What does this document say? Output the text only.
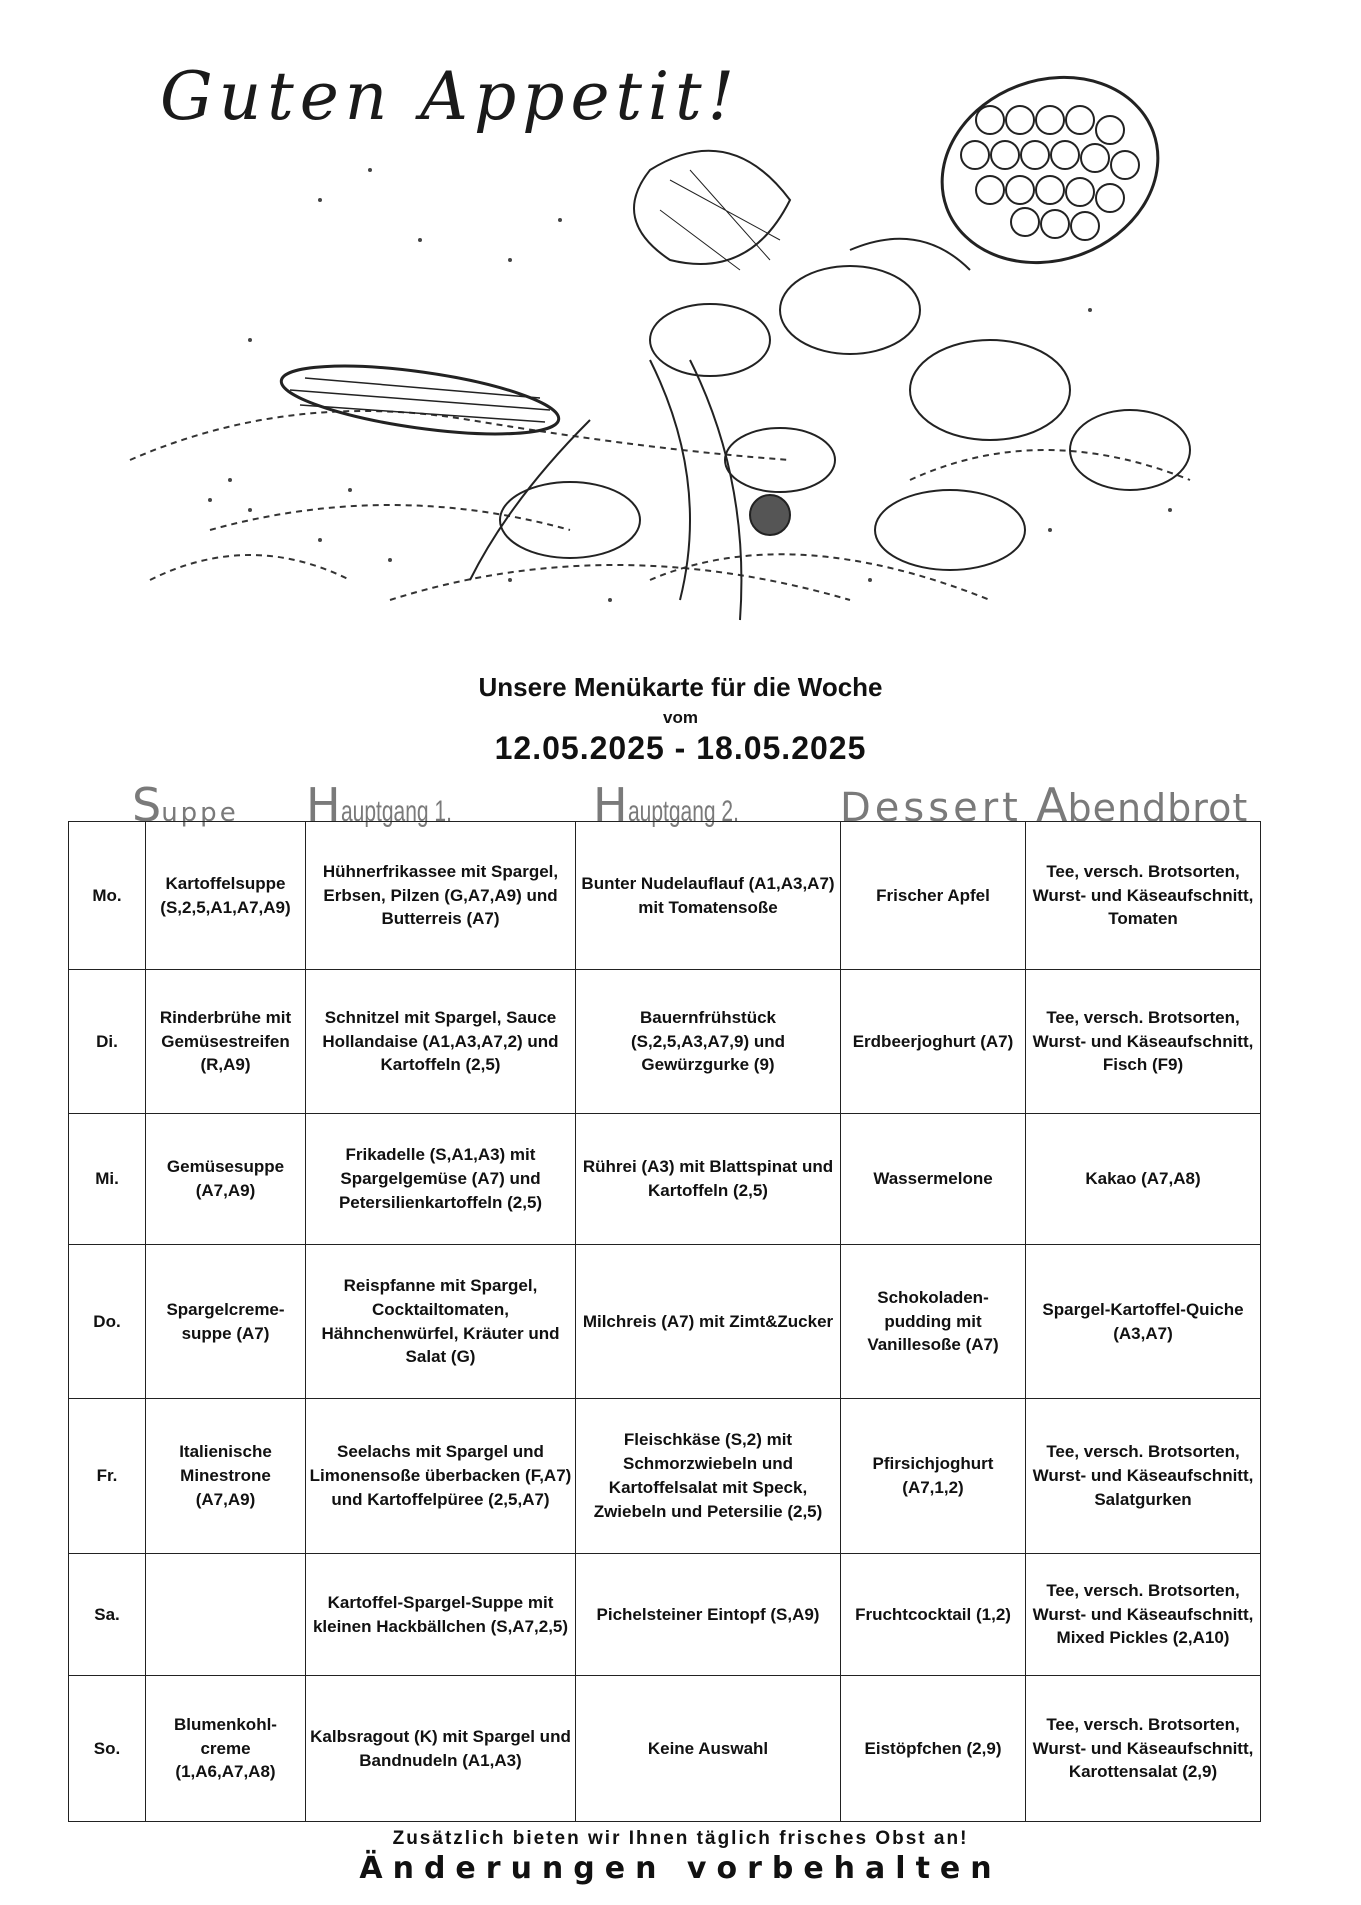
Guten Appetit!
Unsere Menükarte für die Woche
vom
12.05.2025 - 18.05.2025
Suppe Hauptgang 1.	Hauptgang 2.	Dessert Abendbrot
Mo.	Kartoffelsuppe (S,2,5,A1,A7,A9)	Hühnerfrikassee mit Spargel, Erbsen, Pilzen (G,A7,A9) und Butterreis (A7)	Bunter Nudelauflauf (A1,A3,A7) mit Tomatensoße	Frischer Apfel	Tee, versch. Brotsorten, Wurst- und Käseaufschnitt, Tomaten
Di.	Rinderbrühe mit Gemüsestreifen (R,A9)	Schnitzel mit Spargel, Sauce Hollandaise (A1,A3,A7,2) und Kartoffeln (2,5)	Bauernfrühstück (S,2,5,A3,A7,9) und Gewürzgurke (9)	Erdbeerjoghurt (A7)	Tee, versch. Brotsorten, Wurst- und Käseaufschnitt, Fisch (F9)
Mi.	Gemüsesuppe (A7,A9)	Frikadelle (S,A1,A3) mit Spargelgemüse (A7) und Petersilienkartoffeln (2,5)	Rührei (A3) mit Blattspinat und Kartoffeln (2,5)	Wassermelone	Kakao (A7,A8)
Do.	Spargelcreme-suppe (A7)	Reispfanne mit Spargel, Cocktailtomaten, Hähnchenwürfel, Kräuter und Salat (G)	Milchreis (A7) mit Zimt&Zucker	Schokoladen-pudding mit Vanillesoße (A7)	Spargel-Kartoffel-Quiche (A3,A7)
Fr.	Italienische Minestrone (A7,A9)	Seelachs mit Spargel und Limonensoße überbacken (F,A7) und Kartoffelpüree (2,5,A7)	Fleischkäse (S,2) mit Schmorzwiebeln und Kartoffelsalat mit Speck, Zwiebeln und Petersilie (2,5)	Pfirsichjoghurt (A7,1,2)	Tee, versch. Brotsorten, Wurst- und Käseaufschnitt, Salatgurken
Sa.		Kartoffel-Spargel-Suppe mit kleinen Hackbällchen (S,A7,2,5)	Pichelsteiner Eintopf (S,A9)	Fruchtcocktail (1,2)	Tee, versch. Brotsorten, Wurst- und Käseaufschnitt, Mixed Pickles (2,A10)
So.	Blumenkohl-creme (1,A6,A7,A8)	Kalbsragout (K) mit Spargel und Bandnudeln (A1,A3)	Keine Auswahl	Eistöpfchen (2,9)	Tee, versch. Brotsorten, Wurst- und Käseaufschnitt, Karottensalat (2,9)
Zusätzlich bieten wir Ihnen täglich frisches Obst an!
Änderungen vorbehalten
